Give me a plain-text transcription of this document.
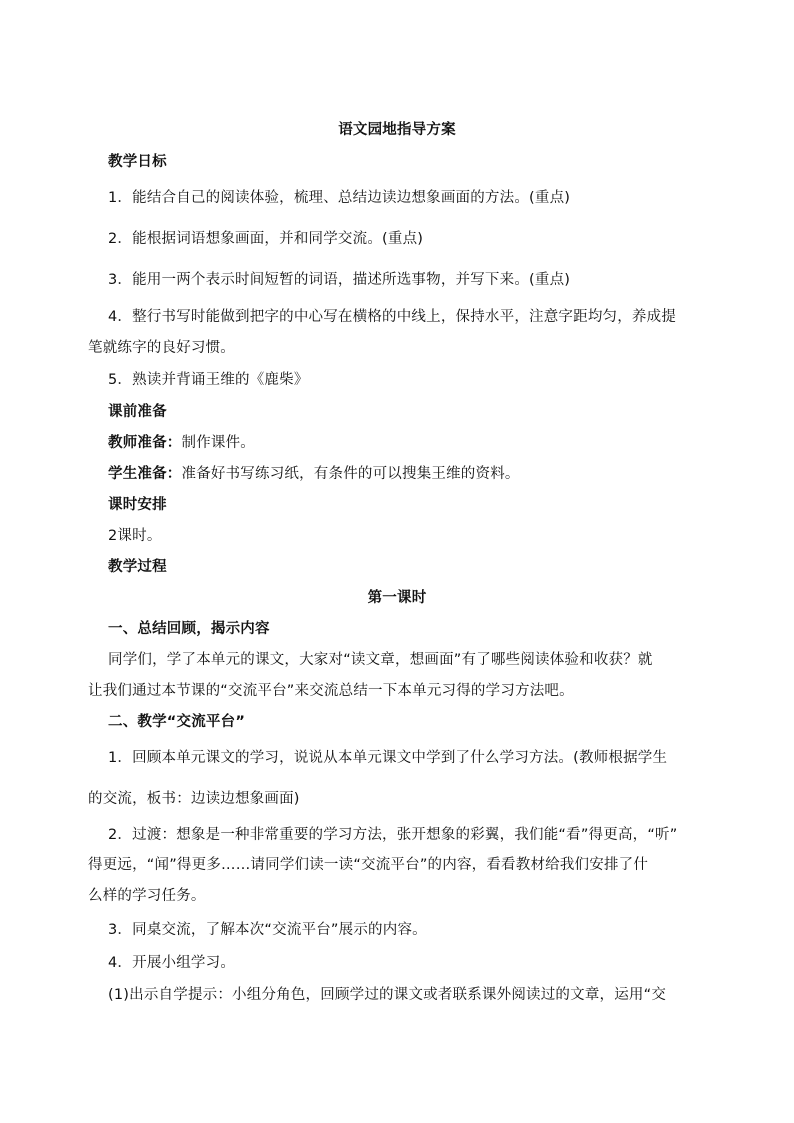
语文园地指导方案
教学日标
1．能结合自己的阅读体验，梳理、总结边读边想象画面的方法。(重点)
2．能根据词语想象画面，并和同学交流。(重点)
3．能用一两个表示时间短暂的词语，描述所选事物，并写下来。(重点)
4．整行书写时能做到把字的中心写在横格的中线上，保持水平，注意字距均匀，养成提
笔就练字的良好习惯。
5．熟读并背诵王维的《鹿柴》
课前准备
教师准备：制作课件。
学生准备：准备好书写练习纸，有条件的可以搜集王维的资料。
课时安排
2课时。
教学过程
第一课时
一、总结回顾，揭示内容
同学们，学了本单元的课文，大家对“读文章，想画面”有了哪些阅读体验和收获？就
让我们通过本节课的“交流平台”来交流总结一下本单元习得的学习方法吧。
二、教学“交流平台”
1．回顾本单元课文的学习，说说从本单元课文中学到了什么学习方法。(教师根据学生
的交流，板书：边读边想象画面)
2．过渡：想象是一种非常重要的学习方法，张开想象的彩翼，我们能“看”得更高，“听”
得更远，“闻”得更多……请同学们读一读“交流平台”的内容，看看教材给我们安排了什
么样的学习任务。
3．同桌交流，了解本次“交流平台”展示的内容。
4．开展小组学习。
(1)出示自学提示：小组分角色，回顾学过的课文或者联系课外阅读过的文章，运用“交
